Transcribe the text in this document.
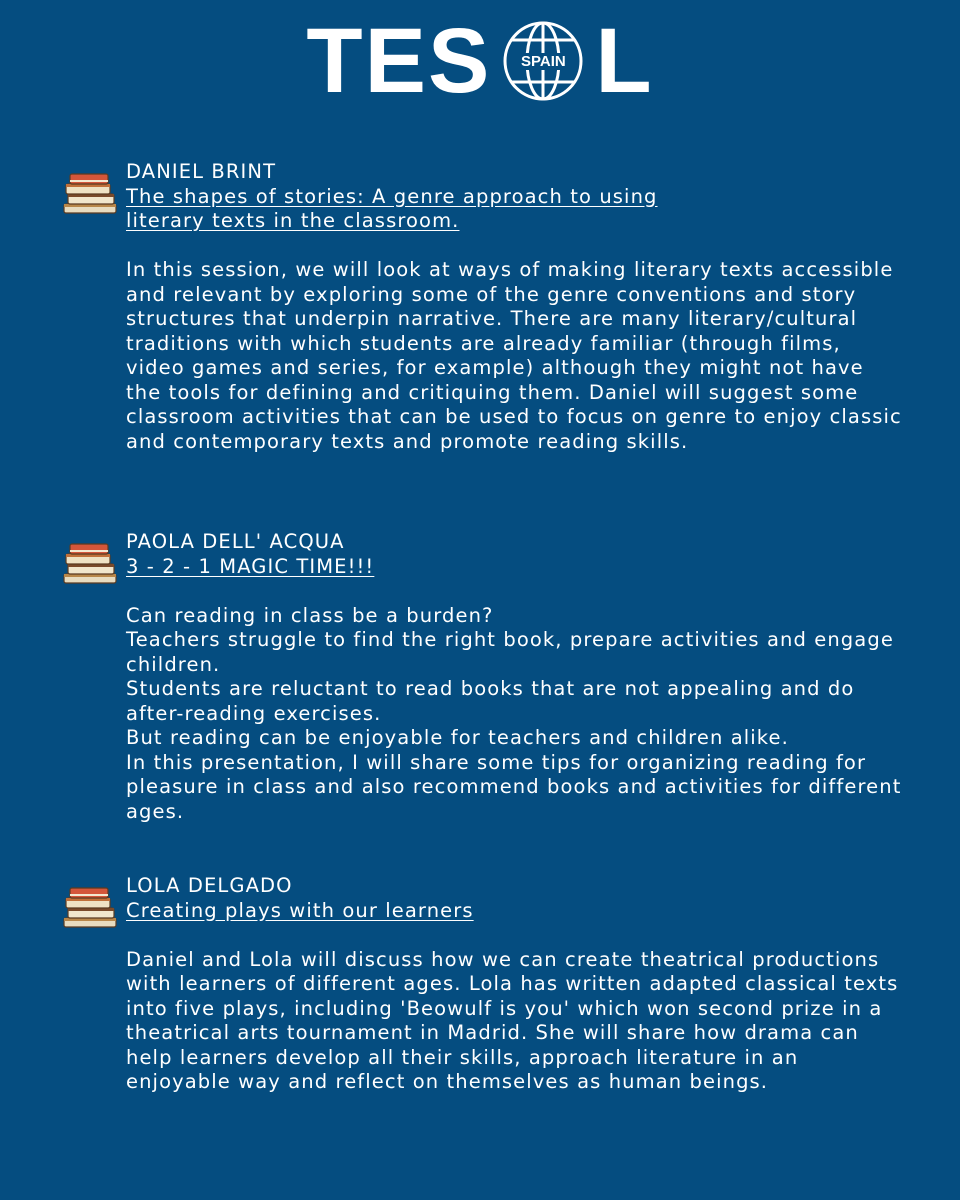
TES	SPAIN L
DANIEL BRINT
The shapes of stories: A genre approach to using
literary texts in the classroom.

In this session, we will look at ways of making literary texts accessible and relevant by exploring some of the genre conventions and story structures that underpin narrative. There are many literary/cultural traditions with which students are already familiar (through films, video games and series, for example) although they might not have the tools for defining and critiquing them. Daniel will suggest some classroom activities that can be used to focus on genre to enjoy classic and contemporary texts and promote reading skills.

PAOLA DELL' ACQUA
3 - 2 - 1 MAGIC TIME!!!

Can reading in class be a burden?

Teachers struggle to find the right book, prepare activities and engage children.

Students are reluctant to read books that are not appealing and do after-reading exercises.

But reading can be enjoyable for teachers and children alike.

In this presentation, I will share some tips for organizing reading for pleasure in class and also recommend books and activities for different ages.

LOLA DELGADO
Creating plays with our learners

Daniel and Lola will discuss how we can create theatrical productions with learners of different ages. Lola has written adapted classical texts into five plays, including 'Beowulf is you' which won second prize in a theatrical arts tournament in Madrid. She will share how drama can help learners develop all their skills, approach literature in an enjoyable way and reflect on themselves as human beings.
